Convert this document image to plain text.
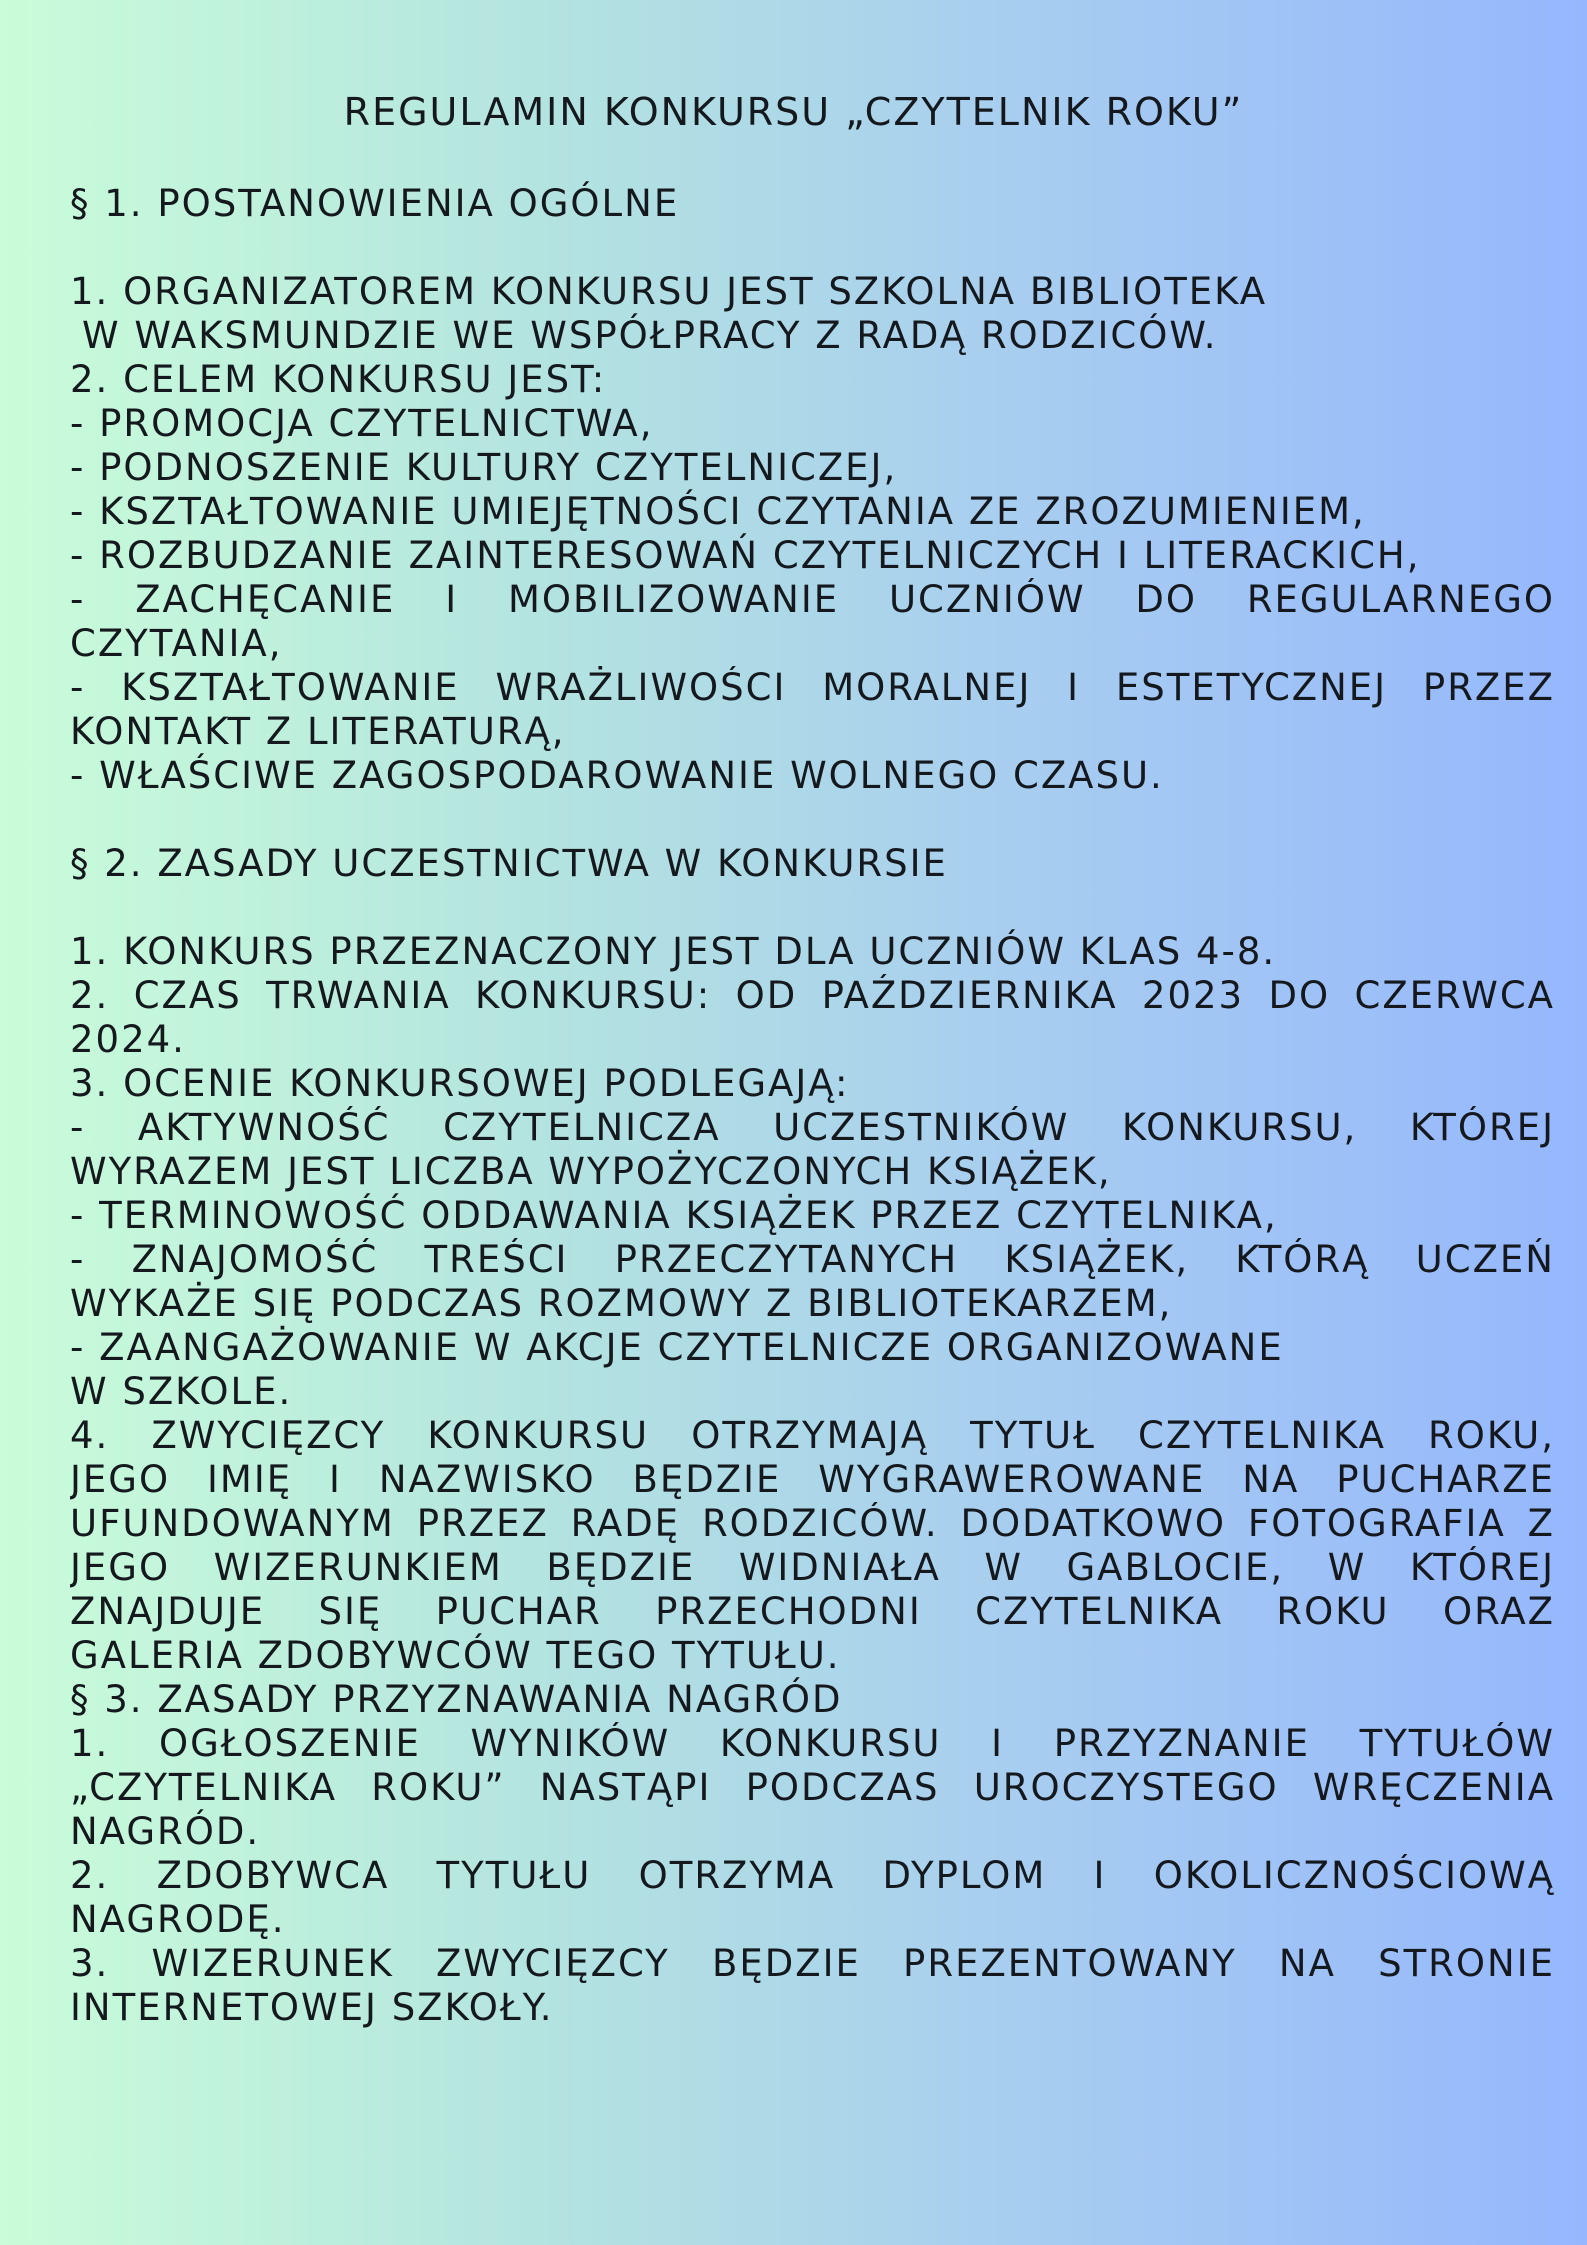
REGULAMIN KONKURSU „CZYTELNIK ROKU”
§ 1. POSTANOWIENIA OGÓLNE
1. ORGANIZATOREM KONKURSU JEST SZKOLNA BIBLIOTEKA
W WAKSMUNDZIE WE WSPÓŁPRACY Z RADĄ RODZICÓW.
2. CELEM KONKURSU JEST:
- PROMOCJA CZYTELNICTWA,
- PODNOSZENIE KULTURY CZYTELNICZEJ,
- KSZTAŁTOWANIE UMIEJĘTNOŚCI CZYTANIA ZE ZROZUMIENIEM,
- ROZBUDZANIE ZAINTERESOWAŃ CZYTELNICZYCH I LITERACKICH,
- ZACHĘCANIE I MOBILIZOWANIE UCZNIÓW DO REGULARNEGO
CZYTANIA,
- KSZTAŁTOWANIE WRAŻLIWOŚCI MORALNEJ I ESTETYCZNEJ PRZEZ
KONTAKT Z LITERATURĄ,
- WŁAŚCIWE ZAGOSPODAROWANIE WOLNEGO CZASU.
§ 2. ZASADY UCZESTNICTWA W KONKURSIE
1. KONKURS PRZEZNACZONY JEST DLA UCZNIÓW KLAS 4-8.
2. CZAS TRWANIA KONKURSU: OD PAŹDZIERNIKA 2023 DO CZERWCA
2024.
3. OCENIE KONKURSOWEJ PODLEGAJĄ:
- AKTYWNOŚĆ CZYTELNICZA UCZESTNIKÓW KONKURSU, KTÓREJ
WYRAZEM JEST LICZBA WYPOŻYCZONYCH KSIĄŻEK,
- TERMINOWOŚĆ ODDAWANIA KSIĄŻEK PRZEZ CZYTELNIKA,
- ZNAJOMOŚĆ TREŚCI PRZECZYTANYCH KSIĄŻEK, KTÓRĄ UCZEŃ
WYKAŻE SIĘ PODCZAS ROZMOWY Z BIBLIOTEKARZEM,
- ZAANGAŻOWANIE W AKCJE CZYTELNICZE ORGANIZOWANE
W SZKOLE.
4. ZWYCIĘZCY KONKURSU OTRZYMAJĄ TYTUŁ CZYTELNIKA ROKU,
JEGO IMIĘ I NAZWISKO BĘDZIE WYGRAWEROWANE NA PUCHARZE
UFUNDOWANYM PRZEZ RADĘ RODZICÓW. DODATKOWO FOTOGRAFIA Z
JEGO WIZERUNKIEM BĘDZIE WIDNIAŁA W GABLOCIE, W KTÓREJ
ZNAJDUJE SIĘ PUCHAR PRZECHODNI CZYTELNIKA ROKU ORAZ
GALERIA ZDOBYWCÓW TEGO TYTUŁU.
§ 3. ZASADY PRZYZNAWANIA NAGRÓD
1. OGŁOSZENIE WYNIKÓW KONKURSU I PRZYZNANIE TYTUŁÓW
„CZYTELNIKA ROKU” NASTĄPI PODCZAS UROCZYSTEGO WRĘCZENIA
NAGRÓD.
2. ZDOBYWCA TYTUŁU OTRZYMA DYPLOM I OKOLICZNOŚCIOWĄ
NAGRODĘ.
3. WIZERUNEK ZWYCIĘZCY BĘDZIE PREZENTOWANY NA STRONIE
INTERNETOWEJ SZKOŁY.
